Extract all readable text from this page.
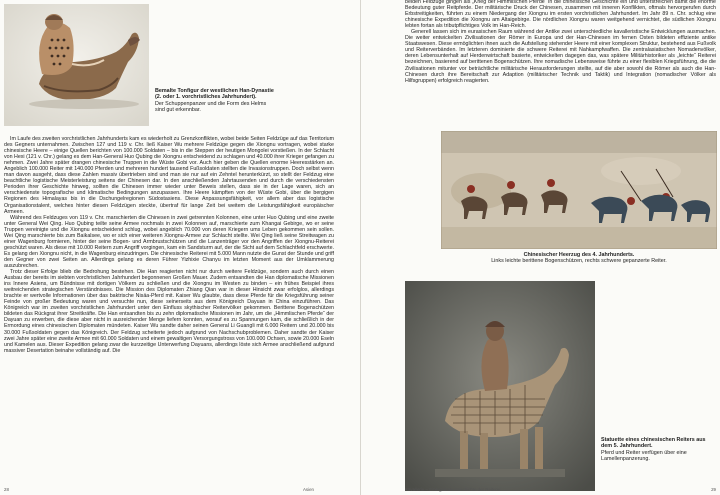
Bemalte Tonfigur der westlichen Han-Dynastie
(2. oder 1. vorchristliches Jahrhundert).
Der Schuppenpanzer und die Form des Helms sind gut erkennbar.

Im Laufe des zweiten vorchristlichen Jahrhunderts kam es wiederholt zu Grenzkonflikten, wobei beide Seiten Feldzüge auf das Territorium des Gegners unternahmen. Zwischen 127 und 119 v. Chr. ließ Kaiser Wu mehrere Feldzüge gegen die Xiongnu vortragen, wobei starke chinesische Heere – einige Quellen berichten von 100.000 Soldaten – bis in die Steppen der heutigen Mongolei vorstießen. In der Schlacht von Hexi (121 v. Chr.) gelang es dem Han-General Huo Qubing die Xiongnu entscheidend zu schlagen und 40.000 ihrer Krieger gefangen zu nehmen. Zwei Jahre später drangen chinesische Truppen in die Wüste Gobi vor. Auch hier geben die Quellen enorme Heeresstärken an. Angeblich 100.000 Reiter mit 140.000 Pferden und mehreren hundert tausend Fußsoldaten stellten die Invasionstruppen. Doch selbst wenn man davon ausgeht, dass diese Zahlen massiv übertrieben sind und man sie nur auf ein Zehntel herunterkürzt, so stellt der Feldzug eine beachtliche logistische Meisterleistung seitens der Chinesen dar. In den anschließenden Jahrtausenden und durch die verschiedensten Perioden ihrer Geschichte hinweg, sollten die Chinesen immer wieder unter Beweis stellen, dass sie in der Lage waren, sich an verschiedenste topografische und klimatische Bedingungen anzupassen. Ihre Heere kämpften von der Wüste Gobi, über die bergigen Regionen des Himalayas bis in die Dschungelregionen Südostasiens. Diese Anpassungsfähigkeit, vor allem aber das logistische Organisationstalent, welches hinter diesen Feldzügen steckte, übertraf für lange Zeit bei weitem die Leistungsfähigkeit europäischer Armeen.

Während des Feldzuges von 119 v. Chr. marschierten die Chinesen in zwei getrennten Kolonnen, eine unter Huo Qubing und eine zweite unter General Wei Qing. Huo Qubing teilte seine Armee nochmals in zwei Kolonnen auf, marschierte zum Khangai Gebirge, wo er seine Truppen vereinigte und die Xiongnu entscheidend schlug, wobei angeblich 70.000 von deren Kriegern ums Leben gekommen sein sollen. Wei Qing marschierte bis zum Baikalsee, wo er sich einer weiteren Xiongnu-Armee zur Schlacht stellte. Wei Qing ließ seine Streitwagen zu einer Wagenburg formieren, hinter der seine Bogen- und Armbrustschützen und die Lanzenträger vor den Angriffen der Xiongnu-Reiterei geschützt waren. Als diese mit 10.000 Reitern zum Angriff vorgingen, kam ein Sandsturm auf, der die Sicht auf dem Schlachtfeld erschwerte. Es gelang den Xiongnu nicht, in die Wagenburg einzudringen. Die chinesische Reiterei mit 5.000 Mann nutzte die Gunst der Stunde und griff den Gegner von zwei Seiten an. Allerdings gelang es deren Führer Yizhixie Chanyu im letzten Moment aus der Umklammerung auszubrechen.

Trotz dieser Erfolge blieb die Bedrohung bestehen. Die Han reagierten nicht nur durch weitere Feldzüge, sondern auch durch einen Ausbau der bereits im siebten vorchristlichen Jahrhundert begonnenen Großen Mauer. Zudem entsandten die Han diplomatische Missionen ins Innere Asiens, um Bündnisse mit dortigen Völkern zu schließen und die Xiongnu im Westen zu binden – ein frühes Beispiel ihres weitreichenden strategischen Verständnisses. Die Mission des Diplomaten Zhiang Qian war in dieser Hinsicht zwar erfolglos, allerdings brachte er wertvolle Informationen über das baktrische Nisäa-Pferd mit. Kaiser Wu glaubte, dass diese Pferde für die Kriegsführung seiner Feinde von großer Bedeutung waren und versuchte nun, diese seinerseits aus dem Königreich Dayuan in China einzuführen. Das Königreich war im zweiten vorchristlichen Jahrhundert unter den Einfluss skythischer Reitervölker gekommen. Berittene Bogenschützen bildeten das Rückgrat ihrer Streitkräfte. Die Han entsandten bis zu zehn diplomatische Missionen im Jahr, um die „Himmlischen Pferde“ der Dayuan zu erwerben, die diese aber nicht in ausreichender Menge liefern konnten, worauf es zu Spannungen kam, die schließlich in der Ermordung eines chinesischen Diplomaten mündeten. Kaiser Wu sandte daher seinen General Li Guangli mit 6.000 Reitern und 20.000 bis 30.000 Fußsoldaten gegen das Königreich. Der Feldzug scheiterte jedoch aufgrund von Nachschubproblemen. Daher sandte der Kaiser zwei Jahre später eine zweite Armee mit 60.000 Soldaten und einem gewaltigen Versorgungstross von 100.000 Ochsen, sowie 20.000 Eseln und Kamelen aus. Dieser Expedition gelang zwar die kurzzeitige Unterwerfung Dayuans, allerdings löste sich Armee anschließend aufgrund massiver Desertation beinahe vollständig auf. Die

28	Asien

beiden Feldzüge gingen als „Krieg der Himmlischen Pferde“ in die chinesische Geschichte ein und unterstreichen damit die enorme Bedeutung guter Reitpferde. Der militärische Druck der Chinesen, zusammen mit inneren Konflikten, oftmals hervorgerufen durch Erbstreitigkeiten, führten zu einem Niedergang der Xiongnu im ersten vorchristlichen Jahrhundert. Im Jahr 89 n. Chr. schlug eine chinesische Expedition die Xiongnu am Altaigebirge. Die nördlichen Xiongnu waren weitgehend vernichtet, die südlichen Xiongnu lebten fortan als tributpflichtiges Volk im Han-Reich.

Generell lassen sich im eurasischen Raum während der Antike zwei unterschiedliche kavalleristische Entwicklungen ausmachen. Die weiter entwickelten Zivilisationen der Römer in Europa und der Han-Chinesen im fernen Osten bildeten effiziente antike Staatswesen. Diese ermöglichten ihnen auch die Aufstellung stehender Heere mit einer komplexen Struktur, bestehend aus Fußvolk und Reiterverbänden. Im letzteren dominierte die schwere Reiterei mit Nahkampfwaffen. Die zentralasiatischen Nomadenvölker, deren Lebensunterhalt auf Herdenwirtschaft basierte, entwickelten dagegen das, was spätere Militärhistoriker als „leichte“ Reiterei bezeichnen, basierend auf berittenen Bogenschützen. Ihre nomadische Lebensweise führte zu einer flexiblen Kriegsführung, die die Zivilisationen mitunter vor beträchtliche militärische Herausforderungen stellte, auf die aber sowohl die Römer als auch die Han-Chinesen durch ihre Bereitschaft zur Adaption (militärischer Technik und Taktik) und Integration (nomadischer Völker als Hilfsgruppen) erfolgreich reagierten.

Chinesischer Heerzug des 4. Jahrhunderts.
Links leichte berittene Bogenschützen, rechts schwere gepanzerte Reiter.
Statuette eines chinesischen Reiters aus dem 5. Jahrhundert.
Pferd und Reiter verfügen über eine Lamellenpanzerung.
Kavallerie – Eine globale Geschichte der Reiterei	29
